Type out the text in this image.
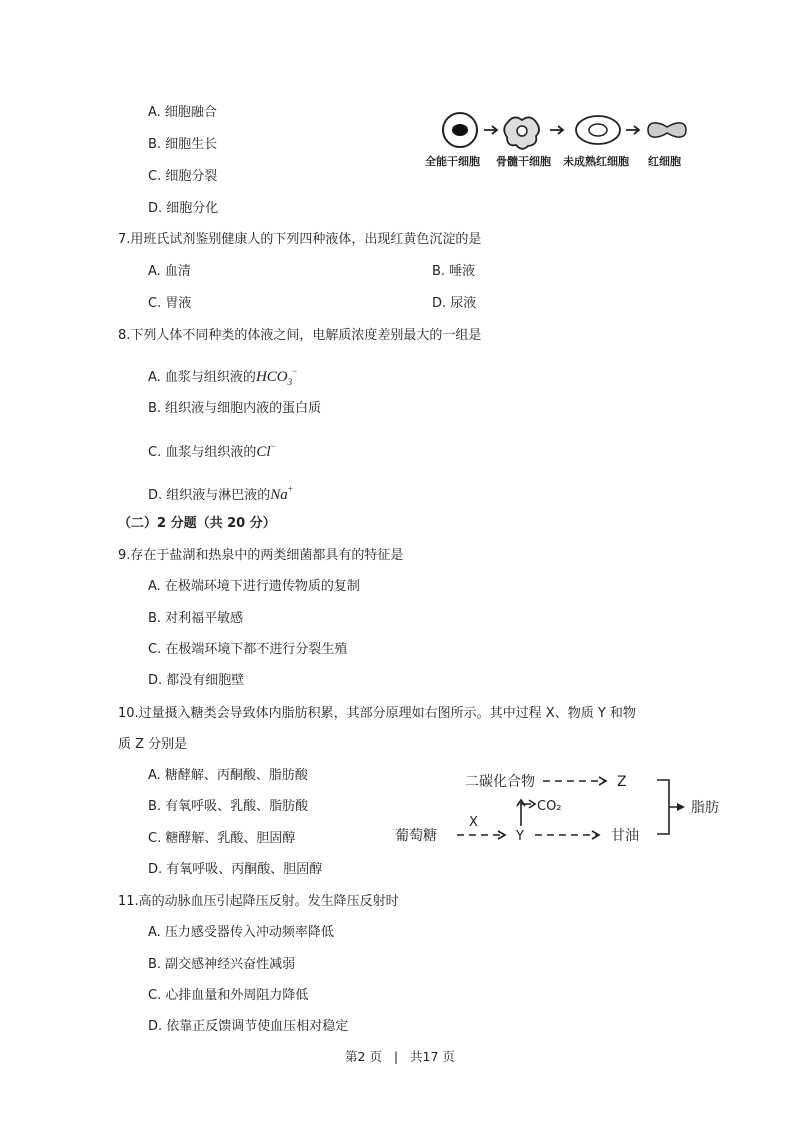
A. 细胞融合
B. 细胞生长
C. 细胞分裂
D. 细胞分化
全能干细胞 骨髓干细胞 未成熟红细胞 红细胞
7.用班氏试剂鉴别健康人的下列四种液体，出现红黄色沉淀的是
A. 血清	B. 唾液
C. 胃液	D. 尿液
8.下列人体不同种类的体液之间，电解质浓度差别最大的一组是
A. 血浆与组织液的$HCO_3^-$
B. 组织液与细胞内液的蛋白质
C. 血浆与组织液的Cl−
D. 组织液与淋巴液的Na+
（二）2 分题（共 20 分）
9.存在于盐湖和热泉中的两类细菌都具有的特征是
A. 在极端环境下进行遗传物质的复制
B. 对利福平敏感
C. 在极端环境下都不进行分裂生殖
D. 都没有细胞壁
10.过量摄入糖类会导致体内脂肪积累，其部分原理如右图所示。其中过程 X、物质 Y 和物
质 Z 分别是
A. 糖酵解、丙酮酸、脂肪酸
B. 有氧呼吸、乳酸、脂肪酸
C. 糖酵解、乳酸、胆固醇
D. 有氧呼吸、丙酮酸、胆固醇
二碳化合物	Z
脂肪
CO₂
葡萄糖
X
Y	甘油
11.高的动脉血压引起降压反射。发生降压反射时
A. 压力感受器传入冲动频率降低
B. 副交感神经兴奋性减弱
C. 心排血量和外周阻力降低
D. 依靠正反馈调节使血压相对稳定
第2 页 | 共17 页
